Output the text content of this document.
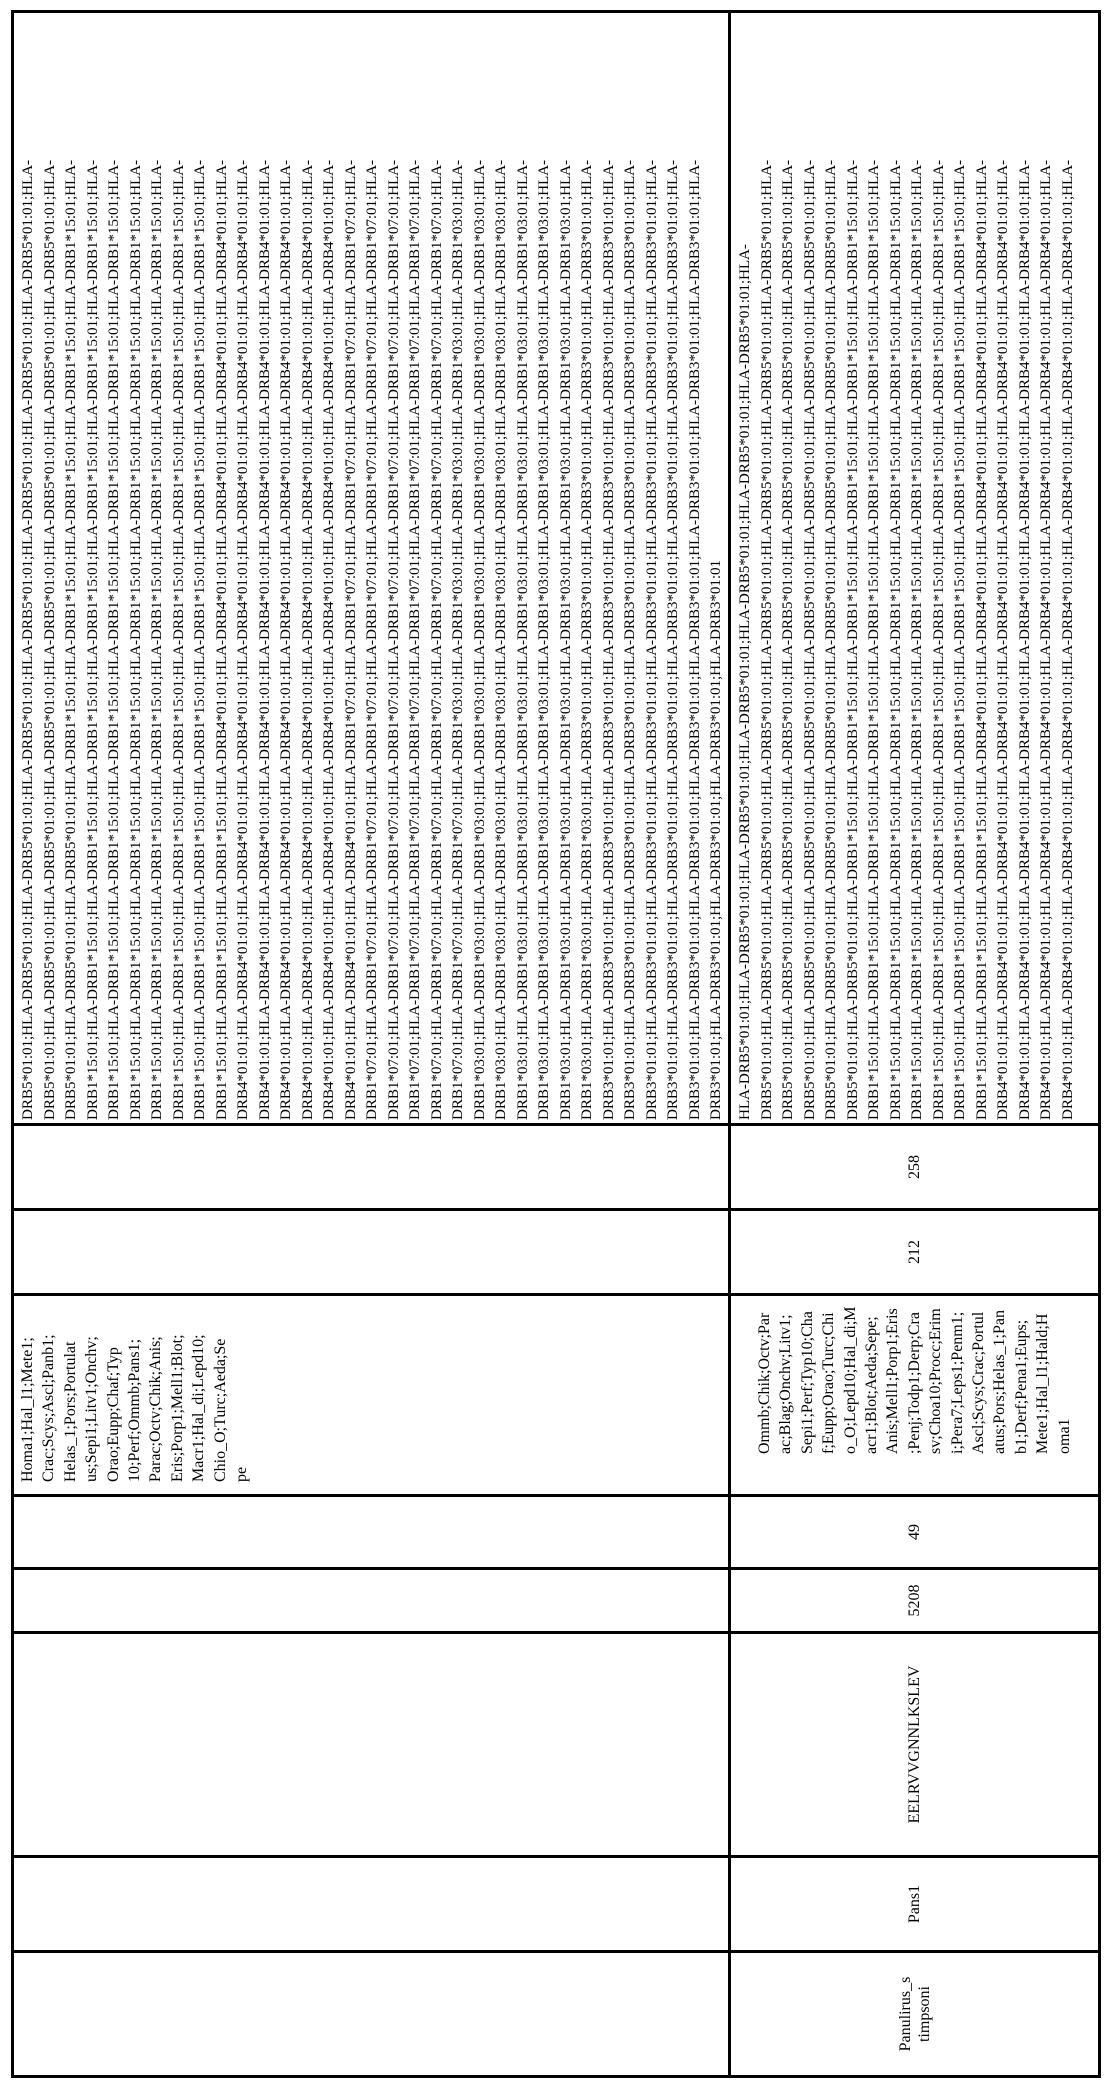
Homa1;Hal_l1;Mete1; Crac;Scys;Ascl;Panb1; Helas_1;Pors;Portulat us;Sepi1;Litv1;Onchv; Orao;Eupp;Chaf;Typ 10;Perf;Ommb;Pans1; Parac;Octv;Chik;Anis; Eris;Porp1;Mell1;Blot; Macr1;Hal_di;Lepd10; Chio_O;Turc;Aeda;Se pe

DRB5*01:01;HLA-DRB5*01:01;HLA-DRB5*01:01;HLA-DRB5*01:01;HLA-DRB5*01:01;HLA-DRB5*01:01;HLA-DRB5*01:01;HLA-DRB5*01:01;HLA- DRB5*01:01;HLA-DRB5*01:01;HLA-DRB5*01:01;HLA-DRB5*01:01;HLA-DRB5*01:01;HLA-DRB5*01:01;HLA-DRB5*01:01;HLA-DRB5*01:01;HLA- DRB5*01:01;HLA-DRB5*01:01;HLA-DRB5*01:01;HLA-DRB1*15:01;HLA-DRB1*15:01;HLA-DRB1*15:01;HLA-DRB1*15:01;HLA-DRB1*15:01;HLA- DRB1*15:01;HLA-DRB1*15:01;HLA-DRB1*15:01;HLA-DRB1*15:01;HLA-DRB1*15:01;HLA-DRB1*15:01;HLA-DRB1*15:01;HLA-DRB1*15:01;HLA- DRB1*15:01;HLA-DRB1*15:01;HLA-DRB1*15:01;HLA-DRB1*15:01;HLA-DRB1*15:01;HLA-DRB1*15:01;HLA-DRB1*15:01;HLA-DRB1*15:01;HLA- DRB1*15:01;HLA-DRB1*15:01;HLA-DRB1*15:01;HLA-DRB1*15:01;HLA-DRB1*15:01;HLA-DRB1*15:01;HLA-DRB1*15:01;HLA-DRB1*15:01;HLA- DRB1*15:01;HLA-DRB1*15:01;HLA-DRB1*15:01;HLA-DRB1*15:01;HLA-DRB1*15:01;HLA-DRB1*15:01;HLA-DRB1*15:01;HLA-DRB1*15:01;HLA- DRB1*15:01;HLA-DRB1*15:01;HLA-DRB1*15:01;HLA-DRB1*15:01;HLA-DRB1*15:01;HLA-DRB1*15:01;HLA-DRB1*15:01;HLA-DRB1*15:01;HLA- DRB1*15:01;HLA-DRB1*15:01;HLA-DRB1*15:01;HLA-DRB1*15:01;HLA-DRB1*15:01;HLA-DRB1*15:01;HLA-DRB1*15:01;HLA-DRB1*15:01;HLA- DRB1*15:01;HLA-DRB1*15:01;HLA-DRB1*15:01;HLA-DRB4*01:01;HLA-DRB4*01:01;HLA-DRB4*01:01;HLA-DRB4*01:01;HLA-DRB4*01:01;HLA- DRB4*01:01;HLA-DRB4*01:01;HLA-DRB4*01:01;HLA-DRB4*01:01;HLA-DRB4*01:01;HLA-DRB4*01:01;HLA-DRB4*01:01;HLA-DRB4*01:01;HLA- DRB4*01:01;HLA-DRB4*01:01;HLA-DRB4*01:01;HLA-DRB4*01:01;HLA-DRB4*01:01;HLA-DRB4*01:01;HLA-DRB4*01:01;HLA-DRB4*01:01;HLA- DRB4*01:01;HLA-DRB4*01:01;HLA-DRB4*01:01;HLA-DRB4*01:01;HLA-DRB4*01:01;HLA-DRB4*01:01;HLA-DRB4*01:01;HLA-DRB4*01:01;HLA- DRB4*01:01;HLA-DRB4*01:01;HLA-DRB4*01:01;HLA-DRB4*01:01;HLA-DRB4*01:01;HLA-DRB4*01:01;HLA-DRB4*01:01;HLA-DRB4*01:01;HLA- DRB4*01:01;HLA-DRB4*01:01;HLA-DRB4*01:01;HLA-DRB4*01:01;HLA-DRB4*01:01;HLA-DRB4*01:01;HLA-DRB4*01:01;HLA-DRB4*01:01;HLA- DRB4*01:01;HLA-DRB4*01:01;HLA-DRB4*01:01;HLA-DRB1*07:01;HLA-DRB1*07:01;HLA-DRB1*07:01;HLA-DRB1*07:01;HLA-DRB1*07:01;HLA- DRB1*07:01;HLA-DRB1*07:01;HLA-DRB1*07:01;HLA-DRB1*07:01;HLA-DRB1*07:01;HLA-DRB1*07:01;HLA-DRB1*07:01;HLA-DRB1*07:01;HLA- DRB1*07:01;HLA-DRB1*07:01;HLA-DRB1*07:01;HLA-DRB1*07:01;HLA-DRB1*07:01;HLA-DRB1*07:01;HLA-DRB1*07:01;HLA-DRB1*07:01;HLA- DRB1*07:01;HLA-DRB1*07:01;HLA-DRB1*07:01;HLA-DRB1*07:01;HLA-DRB1*07:01;HLA-DRB1*07:01;HLA-DRB1*07:01;HLA-DRB1*07:01;HLA- DRB1*07:01;HLA-DRB1*07:01;HLA-DRB1*07:01;HLA-DRB1*07:01;HLA-DRB1*07:01;HLA-DRB1*07:01;HLA-DRB1*07:01;HLA-DRB1*07:01;HLA- DRB1*07:01;HLA-DRB1*07:01;HLA-DRB1*07:01;HLA-DRB1*03:01;HLA-DRB1*03:01;HLA-DRB1*03:01;HLA-DRB1*03:01;HLA-DRB1*03:01;HLA- DRB1*03:01;HLA-DRB1*03:01;HLA-DRB1*03:01;HLA-DRB1*03:01;HLA-DRB1*03:01;HLA-DRB1*03:01;HLA-DRB1*03:01;HLA-DRB1*03:01;HLA- DRB1*03:01;HLA-DRB1*03:01;HLA-DRB1*03:01;HLA-DRB1*03:01;HLA-DRB1*03:01;HLA-DRB1*03:01;HLA-DRB1*03:01;HLA-DRB1*03:01;HLA- DRB1*03:01;HLA-DRB1*03:01;HLA-DRB1*03:01;HLA-DRB1*03:01;HLA-DRB1*03:01;HLA-DRB1*03:01;HLA-DRB1*03:01;HLA-DRB1*03:01;HLA- DRB1*03:01;HLA-DRB1*03:01;HLA-DRB1*03:01;HLA-DRB1*03:01;HLA-DRB1*03:01;HLA-DRB1*03:01;HLA-DRB1*03:01;HLA-DRB1*03:01;HLA- DRB1*03:01;HLA-DRB1*03:01;HLA-DRB1*03:01;HLA-DRB1*03:01;HLA-DRB1*03:01;HLA-DRB1*03:01;HLA-DRB1*03:01;HLA-DRB1*03:01;HLA- DRB1*03:01;HLA-DRB1*03:01;HLA-DRB1*03:01;HLA-DRB3*01:01;HLA-DRB3*01:01;HLA-DRB3*01:01;HLA-DRB3*01:01;HLA-DRB3*01:01;HLA- DRB3*01:01;HLA-DRB3*01:01;HLA-DRB3*01:01;HLA-DRB3*01:01;HLA-DRB3*01:01;HLA-DRB3*01:01;HLA-DRB3*01:01;HLA-DRB3*01:01;HLA- DRB3*01:01;HLA-DRB3*01:01;HLA-DRB3*01:01;HLA-DRB3*01:01;HLA-DRB3*01:01;HLA-DRB3*01:01;HLA-DRB3*01:01;HLA-DRB3*01:01;HLA- DRB3*01:01;HLA-DRB3*01:01;HLA-DRB3*01:01;HLA-DRB3*01:01;HLA-DRB3*01:01;HLA-DRB3*01:01;HLA-DRB3*01:01;HLA-DRB3*01:01;HLA- DRB3*01:01;HLA-DRB3*01:01;HLA-DRB3*01:01;HLA-DRB3*01:01;HLA-DRB3*01:01;HLA-DRB3*01:01;HLA-DRB3*01:01;HLA-DRB3*01:01;HLA- DRB3*01:01;HLA-DRB3*01:01;HLA-DRB3*01:01;HLA-DRB3*01:01;HLA-DRB3*01:01;HLA-DRB3*01:01;HLA-DRB3*01:01;HLA-DRB3*01:01;HLA- DRB3*01:01;HLA-DRB3*01:01;HLA-DRB3*01:01;HLA-DRB3*01:01;HLA-DRB3*01:01

Panulirus_s timpsoni
	Pans1	EELRVVGNNLKSLEV	5208	49	
Ommb;Chik;Octv;Par ac;Blag;Onchv;Litv1; Sepi1;Perf;Typ10;Cha f;Eupp;Orao;Turc;Chi o_O;Lepd10;Hal_di;M acr1;Blot;Aeda;Sepe; Anis;Mell1;Porp1;Eris ;Penj;Todp1;Derp;Cra sv;Choa10;Procc;Erim i;Pera7;Leps1;Penm1; Ascl;Scys;Crac;Portul atus;Pors;Helas_1;Pan b1;Derf;Pena1;Eups; Mete1;Hal_l1;Hald;H oma1
	212	258	
HLA-DRB5*01:01;HLA-DRB5*01:01;HLA-DRB5*01:01;HLA-DRB5*01:01;HLA-DRB5*01:01;HLA-DRB5*01:01;HLA-DRB5*01:01;HLA- DRB5*01:01;HLA-DRB5*01:01;HLA-DRB5*01:01;HLA-DRB5*01:01;HLA-DRB5*01:01;HLA-DRB5*01:01;HLA-DRB5*01:01;HLA-DRB5*01:01;HLA- DRB5*01:01;HLA-DRB5*01:01;HLA-DRB5*01:01;HLA-DRB5*01:01;HLA-DRB5*01:01;HLA-DRB5*01:01;HLA-DRB5*01:01;HLA-DRB5*01:01;HLA- DRB5*01:01;HLA-DRB5*01:01;HLA-DRB5*01:01;HLA-DRB5*01:01;HLA-DRB5*01:01;HLA-DRB5*01:01;HLA-DRB5*01:01;HLA-DRB5*01:01;HLA- DRB5*01:01;HLA-DRB5*01:01;HLA-DRB5*01:01;HLA-DRB5*01:01;HLA-DRB5*01:01;HLA-DRB5*01:01;HLA-DRB5*01:01;HLA-DRB5*01:01;HLA- DRB5*01:01;HLA-DRB5*01:01;HLA-DRB1*15:01;HLA-DRB1*15:01;HLA-DRB1*15:01;HLA-DRB1*15:01;HLA-DRB1*15:01;HLA-DRB1*15:01;HLA- DRB1*15:01;HLA-DRB1*15:01;HLA-DRB1*15:01;HLA-DRB1*15:01;HLA-DRB1*15:01;HLA-DRB1*15:01;HLA-DRB1*15:01;HLA-DRB1*15:01;HLA- DRB1*15:01;HLA-DRB1*15:01;HLA-DRB1*15:01;HLA-DRB1*15:01;HLA-DRB1*15:01;HLA-DRB1*15:01;HLA-DRB1*15:01;HLA-DRB1*15:01;HLA- DRB1*15:01;HLA-DRB1*15:01;HLA-DRB1*15:01;HLA-DRB1*15:01;HLA-DRB1*15:01;HLA-DRB1*15:01;HLA-DRB1*15:01;HLA-DRB1*15:01;HLA- DRB1*15:01;HLA-DRB1*15:01;HLA-DRB1*15:01;HLA-DRB1*15:01;HLA-DRB1*15:01;HLA-DRB1*15:01;HLA-DRB1*15:01;HLA-DRB1*15:01;HLA- DRB1*15:01;HLA-DRB1*15:01;HLA-DRB1*15:01;HLA-DRB1*15:01;HLA-DRB1*15:01;HLA-DRB1*15:01;HLA-DRB1*15:01;HLA-DRB1*15:01;HLA- DRB1*15:01;HLA-DRB1*15:01;HLA-DRB1*15:01;HLA-DRB4*01:01;HLA-DRB4*01:01;HLA-DRB4*01:01;HLA-DRB4*01:01;HLA-DRB4*01:01;HLA- DRB4*01:01;HLA-DRB4*01:01;HLA-DRB4*01:01;HLA-DRB4*01:01;HLA-DRB4*01:01;HLA-DRB4*01:01;HLA-DRB4*01:01;HLA-DRB4*01:01;HLA- DRB4*01:01;HLA-DRB4*01:01;HLA-DRB4*01:01;HLA-DRB4*01:01;HLA-DRB4*01:01;HLA-DRB4*01:01;HLA-DRB4*01:01;HLA-DRB4*01:01;HLA- DRB4*01:01;HLA-DRB4*01:01;HLA-DRB4*01:01;HLA-DRB4*01:01;HLA-DRB4*01:01;HLA-DRB4*01:01;HLA-DRB4*01:01;HLA-DRB4*01:01;HLA- DRB4*01:01;HLA-DRB4*01:01;HLA-DRB4*01:01;HLA-DRB4*01:01;HLA-DRB4*01:01;HLA-DRB4*01:01;HLA-DRB4*01:01;HLA-DRB4*01:01;HLA-
